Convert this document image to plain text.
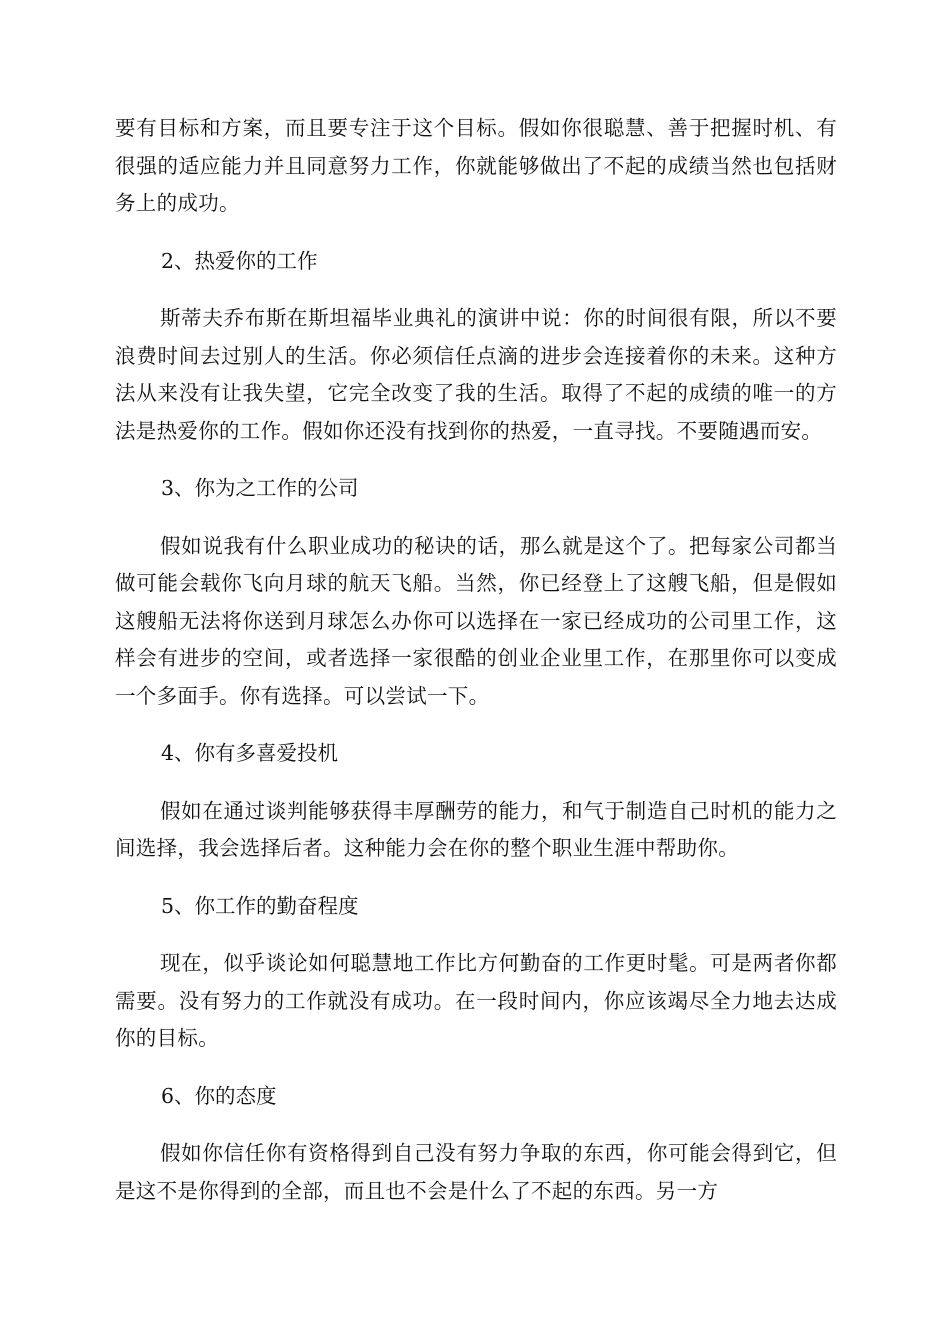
要有目标和方案，而且要专注于这个目标。假如你很聪慧、善于把握时机、有很强的适应能力并且同意努力工作，你就能够做出了不起的成绩当然也包括财务上的成功。

2、热爱你的工作

斯蒂夫乔布斯在斯坦福毕业典礼的演讲中说：你的时间很有限，所以不要浪费时间去过别人的生活。你必须信任点滴的进步会连接着你的未来。这种方法从来没有让我失望，它完全改变了我的生活。取得了不起的成绩的唯一的方法是热爱你的工作。假如你还没有找到你的热爱，一直寻找。不要随遇而安。

3、你为之工作的公司

假如说我有什么职业成功的秘诀的话，那么就是这个了。把每家公司都当做可能会载你飞向月球的航天飞船。当然，你已经登上了这艘飞船，但是假如这艘船无法将你送到月球怎么办你可以选择在一家已经成功的公司里工作，这样会有进步的空间，或者选择一家很酷的创业企业里工作，在那里你可以变成一个多面手。你有选择。可以尝试一下。

4、你有多喜爱投机

假如在通过谈判能够获得丰厚酬劳的能力，和气于制造自己时机的能力之间选择，我会选择后者。这种能力会在你的整个职业生涯中帮助你。

5、你工作的勤奋程度

现在，似乎谈论如何聪慧地工作比方何勤奋的工作更时髦。可是两者你都需要。没有努力的工作就没有成功。在一段时间内，你应该竭尽全力地去达成你的目标。

6、你的态度

假如你信任你有资格得到自己没有努力争取的东西，你可能会得到它，但是这不是你得到的全部，而且也不会是什么了不起的东西。另一方
